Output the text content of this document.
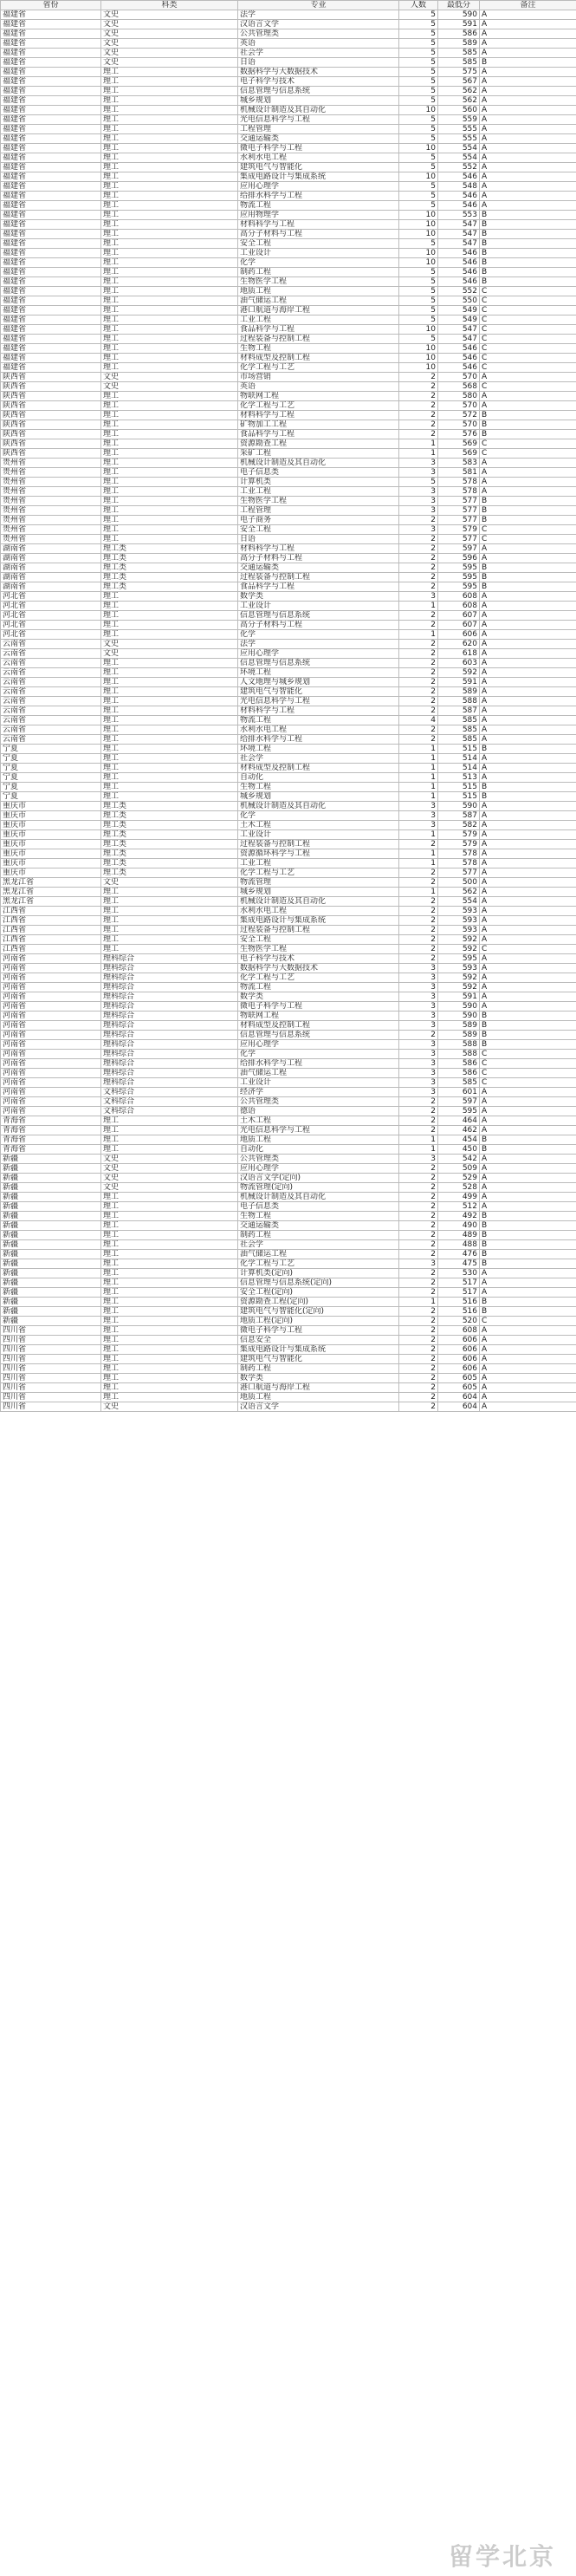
省份	科类	专业	人数	最低分	备注
福建省	文史	法学	5	590	A
福建省	文史	汉语言文学	5	591	A
福建省	文史	公共管理类	5	586	A
福建省	文史	英语	5	589	A
福建省	文史	社会学	5	585	A
福建省	文史	日语	5	585	B
福建省	理工	数据科学与大数据技术	5	575	A
福建省	理工	电子科学与技术	5	567	A
福建省	理工	信息管理与信息系统	5	562	A
福建省	理工	城乡规划	5	562	A
福建省	理工	机械设计制造及其自动化	10	560	A
福建省	理工	光电信息科学与工程	5	559	A
福建省	理工	工程管理	5	555	A
福建省	理工	交通运输类	5	555	A
福建省	理工	微电子科学与工程	10	554	A
福建省	理工	水利水电工程	5	554	A
福建省	理工	建筑电气与智能化	5	552	A
福建省	理工	集成电路设计与集成系统	10	546	A
福建省	理工	应用心理学	5	548	A
福建省	理工	给排水科学与工程	5	546	A
福建省	理工	物流工程	5	546	A
福建省	理工	应用物理学	10	553	B
福建省	理工	材料科学与工程	10	547	B
福建省	理工	高分子材料与工程	10	547	B
福建省	理工	安全工程	5	547	B
福建省	理工	工业设计	10	546	B
福建省	理工	化学	10	546	B
福建省	理工	制药工程	5	546	B
福建省	理工	生物医学工程	5	546	B
福建省	理工	地质工程	5	552	C
福建省	理工	油气储运工程	5	550	C
福建省	理工	港口航道与海岸工程	5	549	C
福建省	理工	工业工程	5	549	C
福建省	理工	食品科学与工程	10	547	C
福建省	理工	过程装备与控制工程	5	547	C
福建省	理工	生物工程	10	546	C
福建省	理工	材料成型及控制工程	10	546	C
福建省	理工	化学工程与工艺	10	546	C
陕西省	文史	市场营销	2	570	A
陕西省	文史	英语	2	568	C
陕西省	理工	物联网工程	2	580	A
陕西省	理工	化学工程与工艺	2	570	A
陕西省	理工	材料科学与工程	2	572	B
陕西省	理工	矿物加工工程	2	570	B
陕西省	理工	食品科学与工程	2	576	B
陕西省	理工	资源勘查工程	1	569	C
陕西省	理工	采矿工程	1	569	C
贵州省	理工	机械设计制造及其自动化	3	583	A
贵州省	理工	电子信息类	3	581	A
贵州省	理工	计算机类	5	578	A
贵州省	理工	工业工程	3	578	A
贵州省	理工	生物医学工程	3	577	B
贵州省	理工	工程管理	3	577	B
贵州省	理工	电子商务	2	577	B
贵州省	理工	安全工程	3	579	C
贵州省	理工	日语	2	577	C
湖南省	理工类	材料科学与工程	2	597	A
湖南省	理工类	高分子材料与工程	2	596	A
湖南省	理工类	交通运输类	2	595	B
湖南省	理工类	过程装备与控制工程	2	595	B
湖南省	理工类	食品科学与工程	2	595	B
河北省	理工	数学类	3	608	A
河北省	理工	工业设计	1	608	A
河北省	理工	信息管理与信息系统	2	607	A
河北省	理工	高分子材料与工程	2	607	A
河北省	理工	化学	1	606	A
云南省	文史	法学	2	620	A
云南省	文史	应用心理学	2	618	A
云南省	理工	信息管理与信息系统	2	603	A
云南省	理工	环境工程	2	592	A
云南省	理工	人文地理与城乡规划	2	591	A
云南省	理工	建筑电气与智能化	2	589	A
云南省	理工	光电信息科学与工程	2	588	A
云南省	理工	材料科学与工程	2	587	A
云南省	理工	物流工程	4	585	A
云南省	理工	水利水电工程	2	585	A
云南省	理工	给排水科学与工程	2	585	A
宁夏	理工	环境工程	1	515	B
宁夏	理工	社会学	1	514	A
宁夏	理工	材料成型及控制工程	1	514	A
宁夏	理工	自动化	1	513	A
宁夏	理工	生物工程	1	515	B
宁夏	理工	城乡规划	1	515	B
重庆市	理工类	机械设计制造及其自动化	3	590	A
重庆市	理工类	化学	3	587	A
重庆市	理工类	土木工程	3	582	A
重庆市	理工类	工业设计	1	579	A
重庆市	理工类	过程装备与控制工程	2	579	A
重庆市	理工类	资源循环科学与工程	1	578	A
重庆市	理工类	工业工程	1	578	A
重庆市	理工类	化学工程与工艺	2	577	A
黑龙江省	文史	物流管理	2	500	A
黑龙江省	理工	城乡规划	1	562	A
黑龙江省	理工	机械设计制造及其自动化	2	554	A
江西省	理工	水利水电工程	2	593	A
江西省	理工	集成电路设计与集成系统	2	593	A
江西省	理工	过程装备与控制工程	2	593	A
江西省	理工	安全工程	2	592	A
江西省	理工	生物医学工程	2	592	C
河南省	理科综合	电子科学与技术	2	595	A
河南省	理科综合	数据科学与大数据技术	3	593	A
河南省	理科综合	化学工程与工艺	3	592	A
河南省	理科综合	物流工程	3	592	A
河南省	理科综合	数学类	3	591	A
河南省	理科综合	微电子科学与工程	3	590	A
河南省	理科综合	物联网工程	3	590	B
河南省	理科综合	材料成型及控制工程	3	589	B
河南省	理科综合	信息管理与信息系统	2	589	B
河南省	理科综合	应用心理学	3	588	B
河南省	理科综合	化学	3	588	C
河南省	理科综合	给排水科学与工程	3	586	C
河南省	理科综合	油气储运工程	3	586	C
河南省	理科综合	工业设计	3	585	C
河南省	文科综合	经济学	3	601	A
河南省	文科综合	公共管理类	2	597	A
河南省	文科综合	德语	2	595	A
青海省	理工	土木工程	2	464	A
青海省	理工	光电信息科学与工程	2	462	A
青海省	理工	地质工程	1	454	B
青海省	理工	自动化	1	450	B
新疆	文史	公共管理类	3	542	A
新疆	文史	应用心理学	2	509	A
新疆	文史	汉语言文学(定向)	2	529	A
新疆	文史	物流管理(定向)	2	528	A
新疆	理工	机械设计制造及其自动化	2	499	A
新疆	理工	电子信息类	2	512	A
新疆	理工	生物工程	2	492	B
新疆	理工	交通运输类	2	490	B
新疆	理工	制药工程	2	489	B
新疆	理工	社会学	2	488	B
新疆	理工	油气储运工程	2	476	B
新疆	理工	化学工程与工艺	3	475	B
新疆	理工	计算机类(定向)	2	530	A
新疆	理工	信息管理与信息系统(定向)	2	517	A
新疆	理工	安全工程(定向)	2	517	A
新疆	理工	资源勘查工程(定向)	1	516	B
新疆	理工	建筑电气与智能化(定向)	2	516	B
新疆	理工	地质工程(定向)	2	520	C
四川省	理工	微电子科学与工程	2	608	A
四川省	理工	信息安全	2	606	A
四川省	理工	集成电路设计与集成系统	2	606	A
四川省	理工	建筑电气与智能化	2	606	A
四川省	理工	制药工程	2	606	A
四川省	理工	数学类	2	605	A
四川省	理工	港口航道与海岸工程	2	605	A
四川省	理工	地质工程	2	604	A
四川省	文史	汉语言文学	2	604	A
留学北京
